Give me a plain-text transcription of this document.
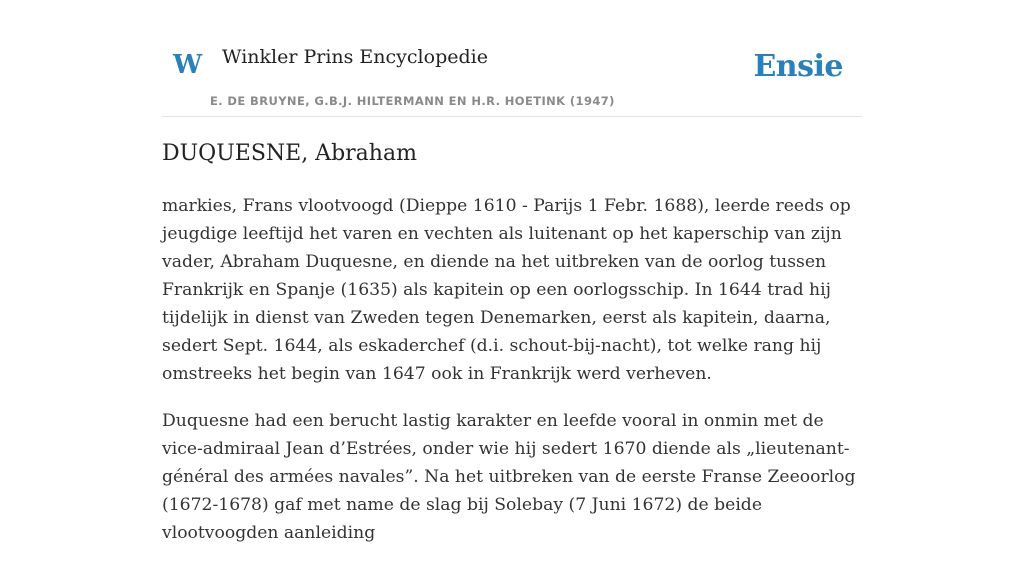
W Winkler Prins Encyclopedie
E. DE BRUYNE, G.B.J. HILTERMANN EN H.R. HOETINK (1947)
Ensie
DUQUESNE, Abraham

markies, Frans vlootvoogd (Dieppe 1610 - Parijs 1 Febr. 1688), leerde reeds op jeugdige leeftijd het varen en vechten als luitenant op het kaperschip van zijn vader, Abraham Duquesne, en diende na het uitbreken van de oorlog tussen Frankrijk en Spanje (1635) als kapitein op een oorlogsschip. In 1644 trad hij tijdelijk in dienst van Zweden tegen Denemarken, eerst als kapitein, daarna, sedert Sept. 1644, als eskaderchef (d.i. schout-bij-nacht), tot welke rang hij omstreeks het begin van 1647 ook in Frankrijk werd verheven.

Duquesne had een berucht lastig karakter en leefde vooral in onmin met de vice-admiraal Jean d’Estrées, onder wie hij sedert 1670 diende als „lieutenant-général des armées navales”. Na het uitbreken van de eerste Franse Zeeoorlog (1672-1678) gaf met name de slag bij Solebay (7 Juni 1672) de beide vlootvoogden aanleiding
